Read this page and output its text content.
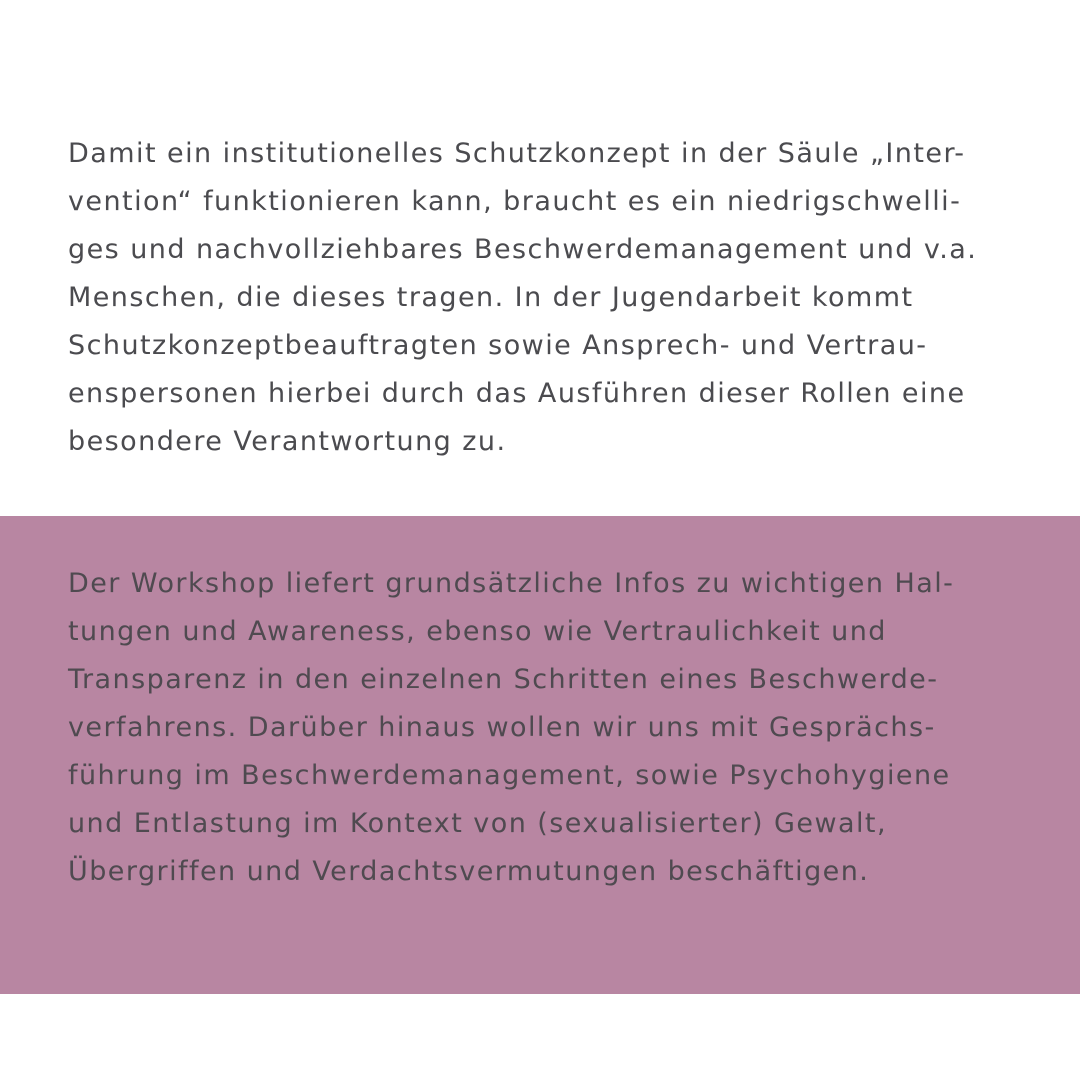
Damit ein institutionelles Schutzkonzept in der Säule „Inter-
vention“ funktionieren kann, braucht es ein niedrigschwelli-
ges und nachvollziehbares Beschwerdemanagement und v.a.
Menschen, die dieses tragen. In der Jugendarbeit kommt
Schutzkonzeptbeauftragten sowie Ansprech- und Vertrau-
enspersonen hierbei durch das Ausführen dieser Rollen eine
besondere Verantwortung zu.

Der Workshop liefert grundsätzliche Infos zu wichtigen Hal-
tungen und Awareness, ebenso wie Vertraulichkeit und
Transparenz in den einzelnen Schritten eines Beschwerde-
verfahrens. Darüber hinaus wollen wir uns mit Gesprächs-
führung im Beschwerdemanagement, sowie Psychohygiene
und Entlastung im Kontext von (sexualisierter) Gewalt,
Übergriffen und Verdachtsvermutungen beschäftigen.
